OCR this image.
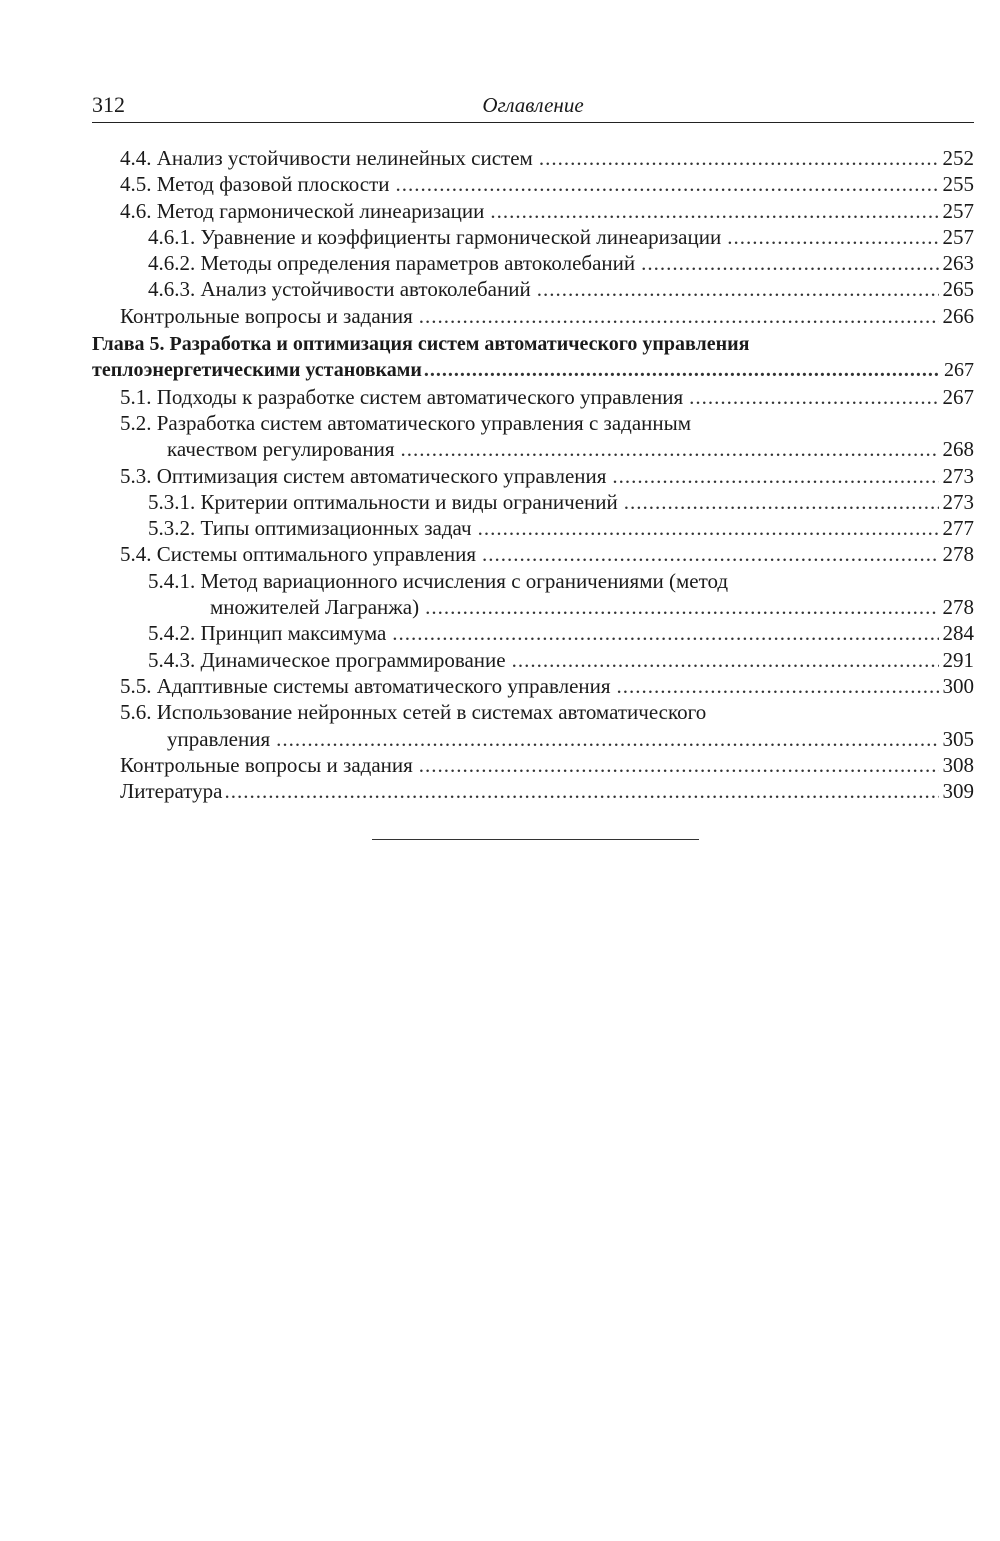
312	Оглавление
4.4. Анализ устойчивости нелинейных систем .....	252
4.5. Метод фазовой плоскости .....	255
4.6. Метод гармонической линеаризации .....	257
4.6.1. Уравнение и коэффициенты гармонической линеаризации .....	257
4.6.2. Методы определения параметров автоколебаний .....	263
4.6.3. Анализ устойчивости автоколебаний .....	265
Контрольные вопросы и задания .....	266
Глава 5. Разработка и оптимизация систем автоматического управления
теплоэнергетическими установками .....	267
5.1. Подходы к разработке систем автоматического управления .....	267
5.2. Разработка систем автоматического управления с заданным
качеством регулирования .....	268
5.3. Оптимизация систем автоматического управления .....	273
5.3.1. Критерии оптимальности и виды ограничений .....	273
5.3.2. Типы оптимизационных задач .....	277
5.4. Системы оптимального управления .....	278
5.4.1. Метод вариационного исчисления с ограничениями (метод
множителей Лагранжа) .....	278
5.4.2. Принцип максимума .....	284
5.4.3. Динамическое программирование .....	291
5.5. Адаптивные системы автоматического управления .....	300
5.6. Использование нейронных сетей в системах автоматического
управления .....	305
Контрольные вопросы и задания .....	308
Литература .....	309
